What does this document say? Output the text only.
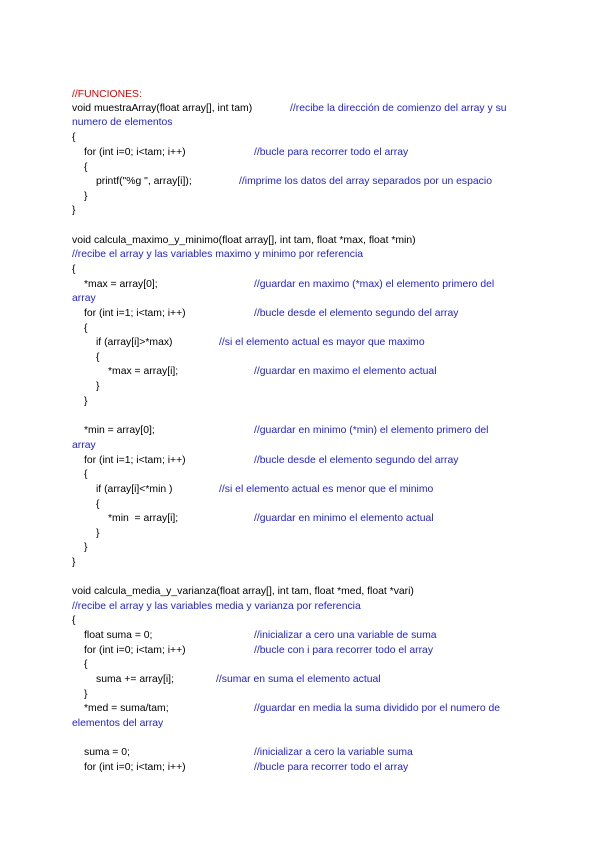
//FUNCIONES:

void muestraArray(float array[], int tam)

	//recibe la dirección de comienzo del array y su

numero de elementos

{

for (int i=0; i<tam; i++)

	//bucle para recorrer todo el array

{

printf("%g ", array[i]);

	//imprime los datos del array separados por un espacio

}

}

void calcula_maximo_y_minimo(float array[], int tam, float *max, float *min)

//recibe el array y las variables maximo y minimo por referencia

{

*max = array[0];

	//guardar en maximo (*max) el elemento primero del

array

for (int i=1; i<tam; i++)

	//bucle desde el elemento segundo del array

{

if (array[i]>*max)

	//si el elemento actual es mayor que maximo

{

*max = array[i];

	//guardar en maximo el elemento actual

}

}

*min = array[0];

	//guardar en minimo (*min) el elemento primero del

array

for (int i=1; i<tam; i++)

	//bucle desde el elemento segundo del array

{

if (array[i]<*min )

	//si el elemento actual es menor que el minimo

{

*min  = array[i];

	//guardar en minimo el elemento actual

}

}

}

void calcula_media_y_varianza(float array[], int tam, float *med, float *vari)

//recibe el array y las variables media y varianza por referencia

{

float suma = 0;

	//inicializar a cero una variable de suma

for (int i=0; i<tam; i++)

	//bucle con i para recorrer todo el array

{

suma += array[i];

	//sumar en suma el elemento actual

}

*med = suma/tam;

	//guardar en media la suma dividido por el numero de

elementos del array

suma = 0;

	//inicializar a cero la variable suma

for (int i=0; i<tam; i++)

	//bucle para recorrer todo el array
